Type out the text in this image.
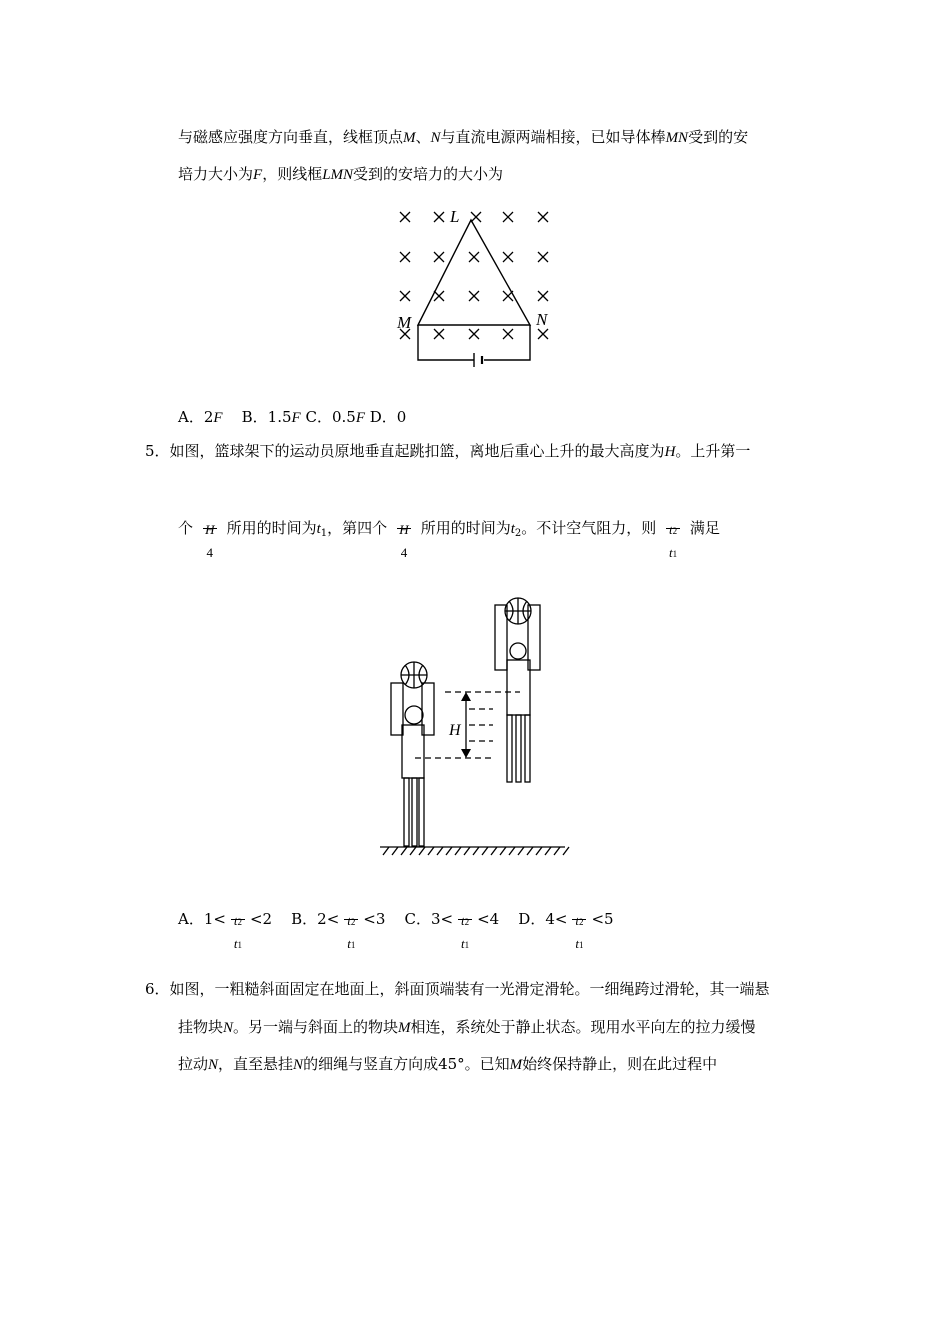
与磁感应强度方向垂直，线框顶点M、N与直流电源两端相接，已如导体棒MN受到的安
培力大小为F，则线框LMN受到的安培力的大小为
L
M	N
A．2F B．1.5F C．0.5F D．0
5．如图，篮球架下的运动员原地垂直起跳扣篮，离地后重心上升的最大高度为H。上升第一
个 H
4
所用的时间为$t_1$，第四个 H
4
所用的时间为$t_2$。不计空气阻力，则 t2
t1
满足
H
A．1< t2
t1
<2 B．2< t2
t1
<3 C．3< t2
t1
<4 D．4< t2
t1
<5
6．如图，一粗糙斜面固定在地面上，斜面顶端装有一光滑定滑轮。一细绳跨过滑轮，其一端悬
挂物块N。另一端与斜面上的物块M相连，系统处于静止状态。现用水平向左的拉力缓慢
拉动N，直至悬挂N的细绳与竖直方向成45°。已知M始终保持静止，则在此过程中
